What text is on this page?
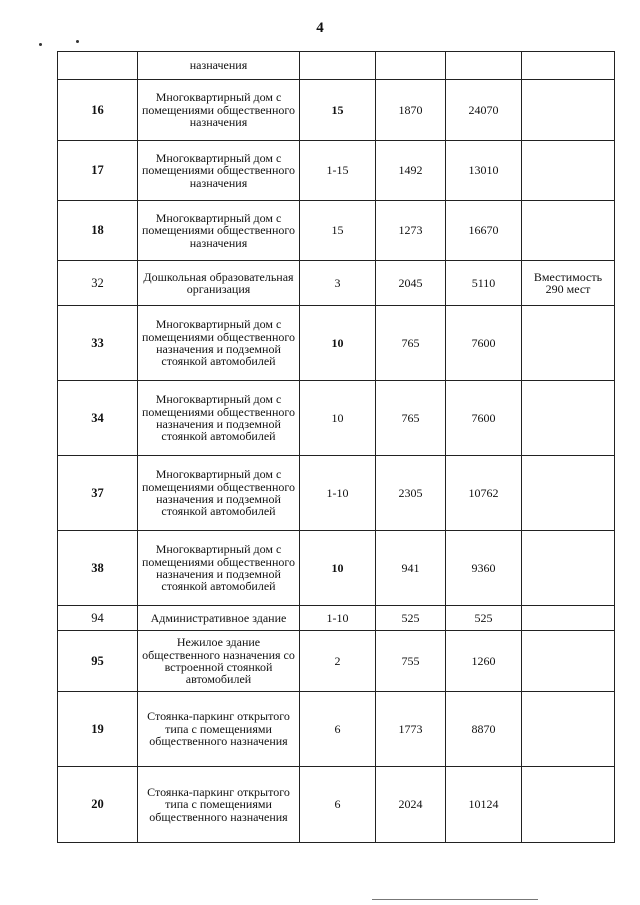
4
	назначения				
16	Многоквартирный дом с помещениями общественного назначения	15	1870	24070	
17	Многоквартирный дом с помещениями общественного назначения	1-15	1492	13010	
18	Многоквартирный дом с помещениями общественного назначения	15	1273	16670	
32	Дошкольная образовательная организация	3	2045	5110	Вместимость 290 мест
33	Многоквартирный дом с помещениями общественного назначения и подземной стоянкой автомобилей	10	765	7600	
34	Многоквартирный дом с помещениями общественного назначения и подземной стоянкой автомобилей	10	765	7600	
37	Многоквартирный дом с помещениями общественного назначения и подземной стоянкой автомобилей	1-10	2305	10762	
38	Многоквартирный дом с помещениями общественного назначения и подземной стоянкой автомобилей	10	941	9360	
94	Административное здание	1-10	525	525	
95	Нежилое здание общественного назначения со встроенной стоянкой автомобилей	2	755	1260	
19	Стоянка-паркинг открытого типа с помещениями общественного назначения	6	1773	8870	
20	Стоянка-паркинг открытого типа с помещениями общественного назначения	6	2024	10124	
